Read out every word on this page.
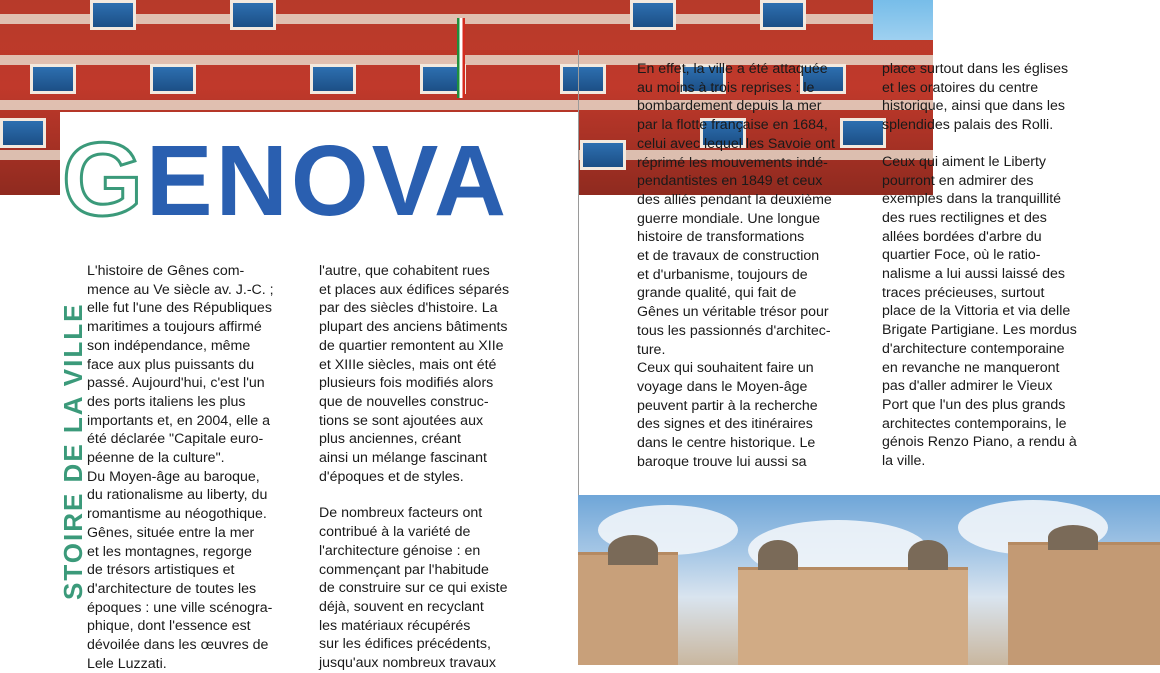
GENOVA
STOIRE DE LA VILLE

L'histoire de Gênes com-
mence au Ve siècle av. J.-C. ;
elle fut l'une des Républiques
maritimes a toujours affirmé
son indépendance, même
face aux plus puissants du
passé. Aujourd'hui, c'est l'un
des ports italiens les plus
importants et, en 2004, elle a
été déclarée "Capitale euro-
péenne de la culture".

Du Moyen-âge au baroque,
du rationalisme au liberty, du
romantisme au néogothique.
Gênes, située entre la mer
et les montagnes, regorge
de trésors artistiques et
d'architecture de toutes les
époques : une ville scénogra-
phique, dont l'essence est
dévoilée dans les œuvres de
Lele Luzzati.

l'autre, que cohabitent rues
et places aux édifices séparés
par des siècles d'histoire. La
plupart des anciens bâtiments
de quartier remontent au XIIe
et XIIIe siècles, mais ont été
plusieurs fois modifiés alors
que de nouvelles construc-
tions se sont ajoutées aux
plus anciennes, créant
ainsi un mélange fascinant
d'époques et de styles.

De nombreux facteurs ont
contribué à la variété de
l'architecture génoise : en
commençant par l'habitude
de construire sur ce qui existe
déjà, souvent en recyclant
les matériaux récupérés
sur les édifices précédents,
jusqu'aux nombreux travaux

En effet, la ville a été attaquée
au moins à trois reprises : le
bombardement depuis la mer
par la flotte française en 1684,
celui avec lequel les Savoie ont
réprimé les mouvements indé-
pendantistes en 1849 et ceux
des alliés pendant la deuxième
guerre mondiale. Une longue
histoire de transformations
et de travaux de construction
et d'urbanisme, toujours de
grande qualité, qui fait de
Gênes un véritable trésor pour
tous les passionnés d'architec-
ture.

Ceux qui souhaitent faire un
voyage dans le Moyen-âge
peuvent partir à la recherche
des signes et des itinéraires
dans le centre historique. Le
baroque trouve lui aussi sa

place surtout dans les églises
et les oratoires du centre
historique, ainsi que dans les
splendides palais des Rolli.

Ceux qui aiment le Liberty
pourront en admirer des
exemples dans la tranquillité
des rues rectilignes et des
allées bordées d'arbre du
quartier Foce, où le ratio-
nalisme a lui aussi laissé des
traces précieuses, surtout
place de la Vittoria et via delle
Brigate Partigiane. Les mordus
d'architecture contemporaine
en revanche ne manqueront
pas d'aller admirer le Vieux
Port que l'un des plus grands
architectes contemporains, le
génois Renzo Piano, a rendu à
la ville.
